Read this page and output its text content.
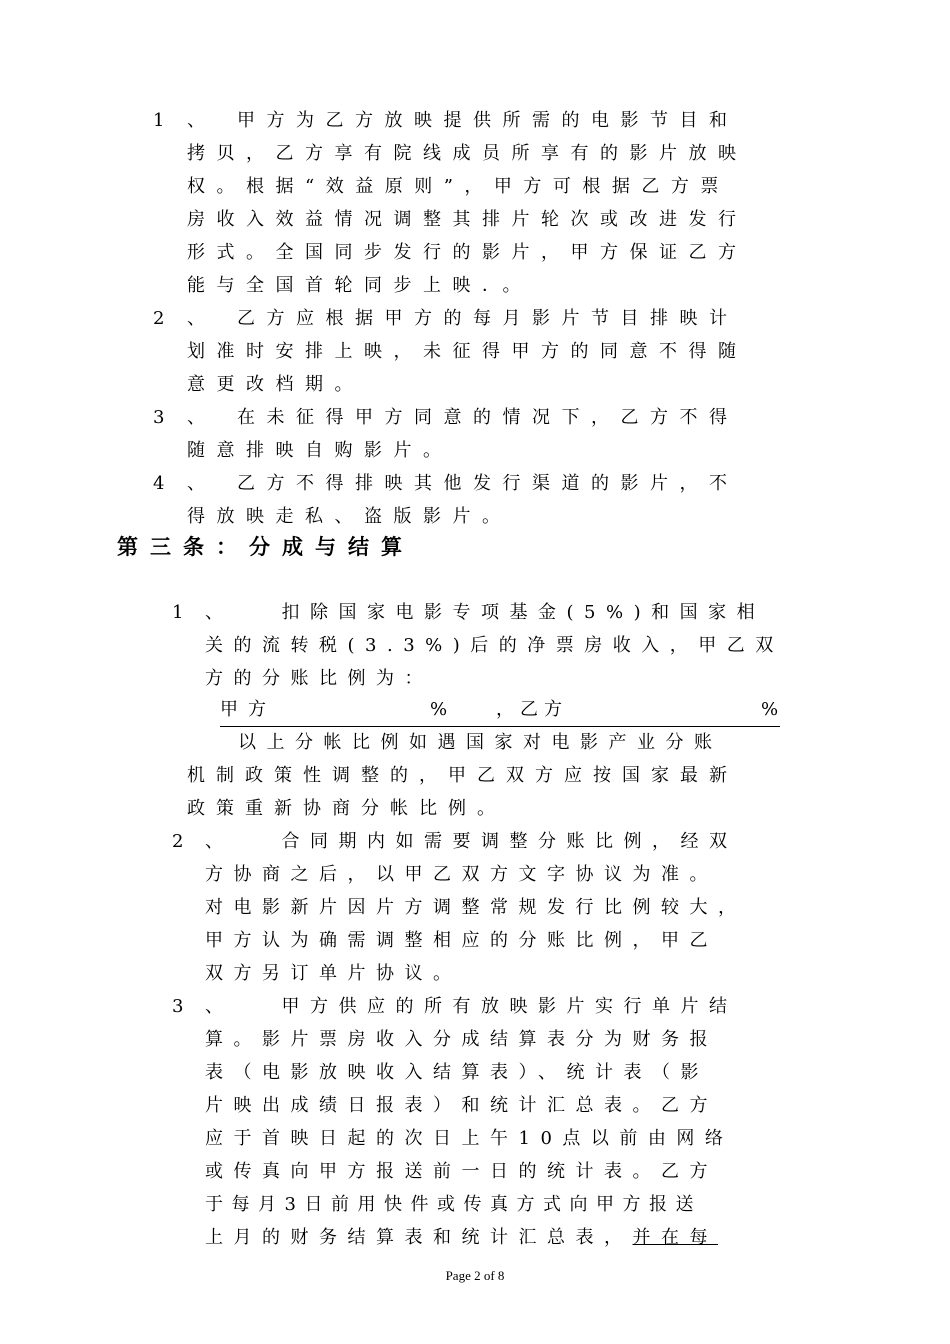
1 、　甲方为乙方放映提供所需的电影节目和
拷贝，乙方享有院线成员所享有的影片放映
权。根据“效益原则”，甲方可根据乙方票
房收入效益情况调整其排片轮次或改进发行
形式。全国同步发行的影片，甲方保证乙方
能与全国首轮同步上映．。
2 、　乙方应根据甲方的每月影片节目排映计
划准时安排上映，未征得甲方的同意不得随
意更改档期。
3 、　在未征得甲方同意的情况下，乙方不得
随意排映自购影片。
4 、　乙方不得排映其他发行渠道的影片，不
得放映走私、盗版影片。
第三条：分成与结算
1 、　　扣除国家电影专项基金(5%)和国家相
关的流转税(3.3%)后的净票房收入，甲乙双
方的分账比例为：
甲方	%	，乙方	%
以上分帐比例如遇国家对电影产业分账
机制政策性调整的，甲乙双方应按国家最新
政策重新协商分帐比例。
2 、　　合同期内如需要调整分账比例，经双
方协商之后，以甲乙双方文字协议为准。
对电影新片因片方调整常规发行比例较大，
甲方认为确需调整相应的分账比例，甲乙
双方另订单片协议。
3 、　　甲方供应的所有放映影片实行单片结
算。影片票房收入分成结算表分为财务报
表（电影放映收入结算表）、统计表（影
片映出成绩日报表）和统计汇总表。乙方
应于首映日起的次日上午10点以前由网络
或传真向甲方报送前一日的统计表。乙方
于每月3日前用快件或传真方式向甲方报送
上月的财务结算表和统计汇总表，并在每
Page 2 of 8
